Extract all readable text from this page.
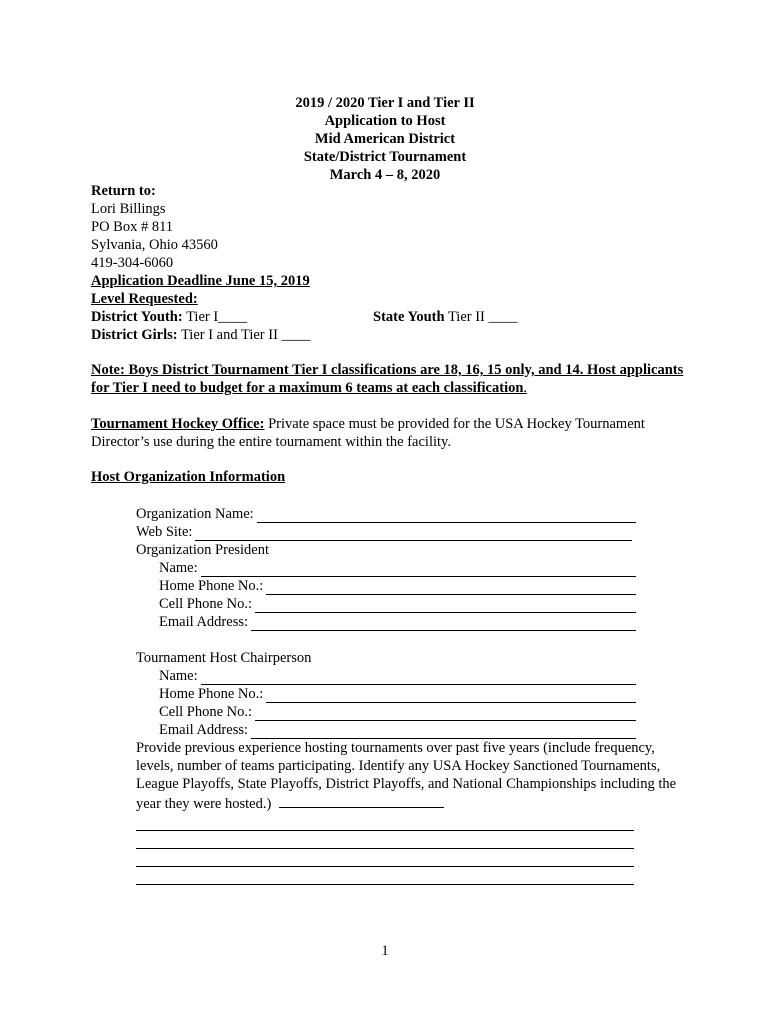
2019 / 2020 Tier I and Tier II
Application to Host
Mid American District
State/District Tournament
March 4 – 8, 2020
Return to:
Lori Billings
PO Box # 811
Sylvania, Ohio 43560
419-304-6060
Application Deadline June 15, 2019
Level Requested:
District Youth: Tier I____	State Youth Tier II ____
District Girls: Tier I and Tier II ____
Note: Boys District Tournament Tier I classifications are 18, 16, 15 only, and 14. Host applicants for Tier I need to budget for a maximum 6 teams at each classification.
Tournament Hockey Office: Private space must be provided for the USA Hockey Tournament Director’s use during the entire tournament within the facility.
Host Organization Information
Organization Name:
Web Site:
Organization President
Name:
Home Phone No.:
Cell Phone No.:
Email Address:
Tournament Host Chairperson
Name:
Home Phone No.:
Cell Phone No.:
Email Address:
Provide previous experience hosting tournaments over past five years (include frequency, levels, number of teams participating. Identify any USA Hockey Sanctioned Tournaments, League Playoffs, State Playoffs, District Playoffs, and National Championships including the year they were hosted.)
1
